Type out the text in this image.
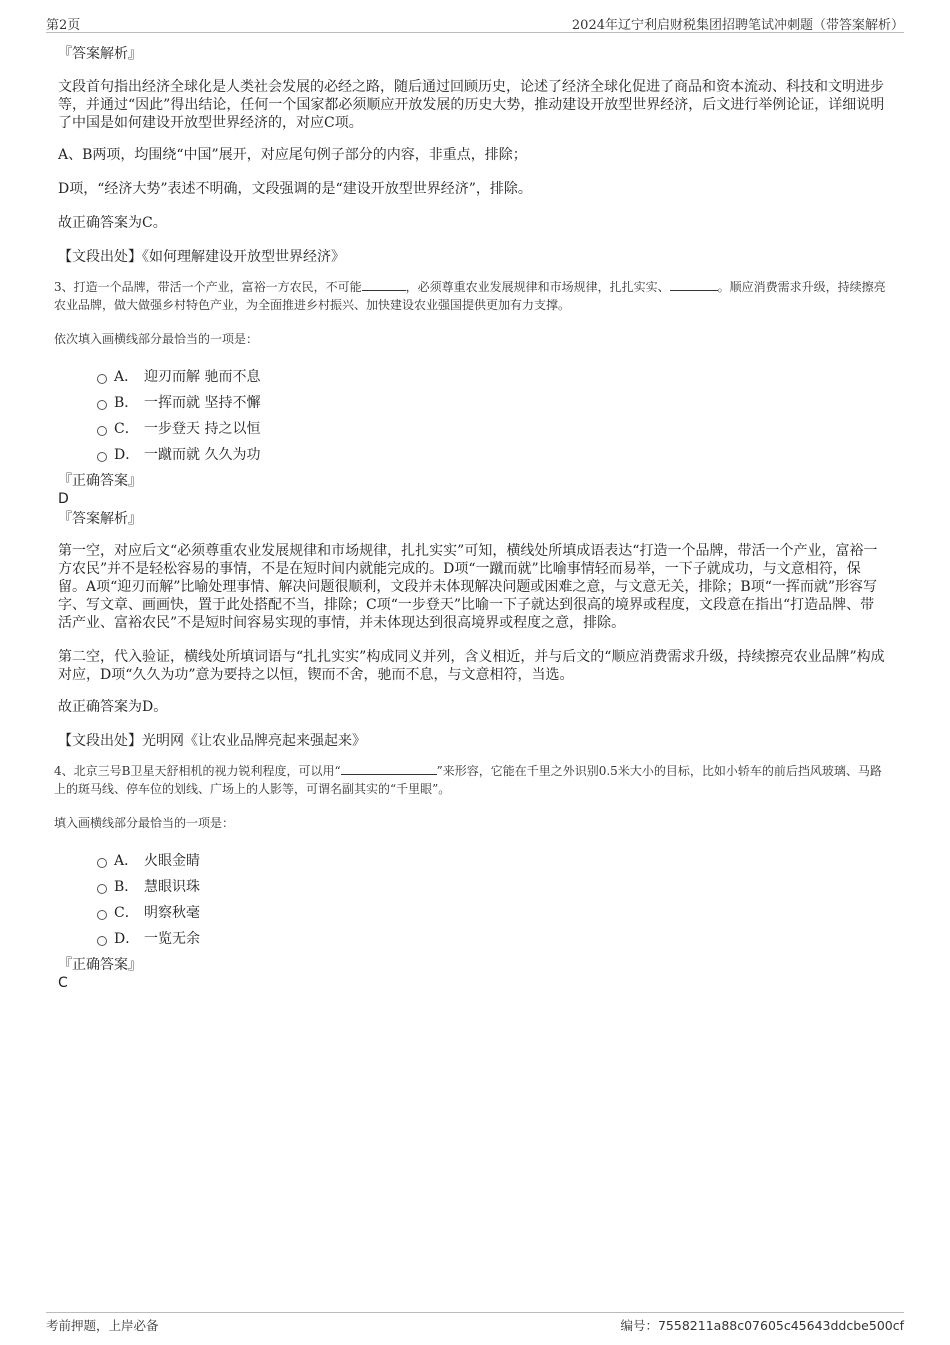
第2页	2024年辽宁利启财税集团招聘笔试冲刺题（带答案解析）

『答案解析』

文段首句指出经济全球化是人类社会发展的必经之路，随后通过回顾历史，论述了经济全球化促进了商品和资本流动、科技和文明进步等，并通过“因此”得出结论，任何一个国家都必须顺应开放发展的历史大势，推动建设开放型世界经济，后文进行举例论证，详细说明了中国是如何建设开放型世界经济的，对应C项。

A、B两项，均围绕“中国”展开，对应尾句例子部分的内容，非重点，排除；

D项，“经济大势”表述不明确，文段强调的是“建设开放型世界经济”，排除。

故正确答案为C。

【文段出处】《如何理解建设开放型世界经济》

3、打造一个品牌，带活一个产业，富裕一方农民，不可能	，必须尊重农业发展规律和市场规律，扎扎实实、	。顺应消费需求升级，持续擦亮农业品牌，做大做强乡村特色产业，为全面推进乡村振兴、加快建设农业强国提供更加有力支撑。

依次填入画横线部分最恰当的一项是：

A． 迎刃而解 驰而不息
B． 一挥而就 坚持不懈
C． 一步登天 持之以恒
D． 一蹴而就 久久为功

『正确答案』

D

『答案解析』

第一空，对应后文“必须尊重农业发展规律和市场规律，扎扎实实”可知，横线处所填成语表达“打造一个品牌，带活一个产业，富裕一方农民”并不是轻松容易的事情，不是在短时间内就能完成的。D项“一蹴而就”比喻事情轻而易举，一下子就成功，与文意相符，保留。A项“迎刃而解”比喻处理事情、解决问题很顺利，文段并未体现解决问题或困难之意，与文意无关，排除；B项“一挥而就”形容写字、写文章、画画快，置于此处搭配不当，排除；C项“一步登天”比喻一下子就达到很高的境界或程度，文段意在指出“打造品牌、带活产业、富裕农民”不是短时间容易实现的事情，并未体现达到很高境界或程度之意，排除。

第二空，代入验证，横线处所填词语与“扎扎实实”构成同义并列，含义相近，并与后文的“顺应消费需求升级，持续擦亮农业品牌”构成对应，D项“久久为功”意为要持之以恒，锲而不舍，驰而不息，与文意相符，当选。

故正确答案为D。

【文段出处】光明网《让农业品牌亮起来强起来》

4、北京三号B卫星天舒相机的视力锐利程度，可以用“	”来形容，它能在千里之外识别0.5米大小的目标，比如小轿车的前后挡风玻璃、马路上的斑马线、停车位的划线、广场上的人影等，可谓名副其实的“千里眼”。

填入画横线部分最恰当的一项是：

A． 火眼金睛
B． 慧眼识珠
C． 明察秋毫
D． 一览无余

『正确答案』

C

考前押题，上岸必备	编号：7558211a88c07605c45643ddcbe500cf
